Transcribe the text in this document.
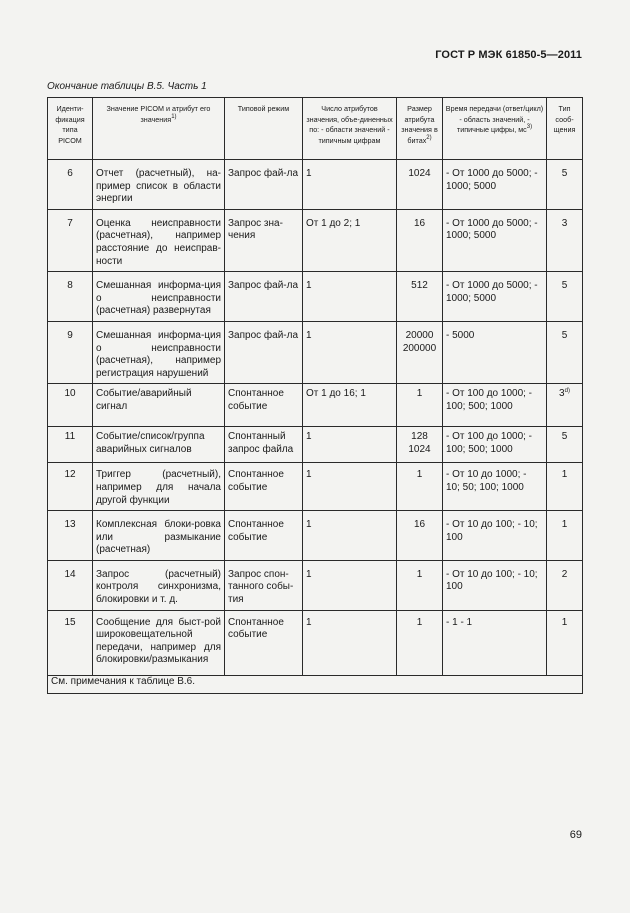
ГОСТ Р МЭК 61850-5—2011
Окончание таблицы В.5. Часть 1
Иденти-фикация типа PICOM	Значение PICOM и атрибут его значения$^{1)}$	Типовой режим	Число атрибутов значения, объе-диненных по: - области значений - типичным цифрам	Размер атрибута значения в битах$^{2)}$	Время передачи (ответ/цикл) - область значений, - типичные цифры, $мс^{3)}$	Тип сооб-щения
6	Отчет (расчетный), на-пример список в области энергии	Запрос фай-ла	1	1024	- От 1000 до 5000; - 1000; 5000	5
7	Оценка неисправности (расчетная), например расстояние до неисправ-ности	Запрос зна-чения	От 1 до 2; 1	16	- От 1000 до 5000; - 1000; 5000	3
8	Смешанная информа-ция о неисправности (расчетная) развернутая	Запрос фай-ла	1	512	- От 1000 до 5000; - 1000; 5000	5
9	Смешанная информа-ция о неисправности (расчетная), например регистрация нарушений	Запрос фай-ла	1	20000 200000	- 5000	5
10	Событие/аварийный сигнал	Спонтанное событие	От 1 до 16; 1	1	- От 100 до 1000; - 100; 500; 1000	3$^{d)}$
11	Событие/список/группа аварийных сигналов	Спонтанный запрос файла	1	128 1024	- От 100 до 1000; - 100; 500; 1000	5
12	Триггер (расчетный), например для начала другой функции	Спонтанное событие	1	1	- От 10 до 1000; - 10; 50; 100; 1000	1
13	Комплексная блоки-ровка или размыкание (расчетная)	Спонтанное событие	1	16	- От 10 до 100; - 10; 100	1
14	Запрос (расчетный) контроля синхронизма, блокировки и т. д.	Запрос спон-танного собы-тия	1	1	- От 10 до 100; - 10; 100	2
15	Сообщение для быст-рой широковещательной передачи, например для блокировки/размыкания	Спонтанное событие	1	1	- 1 - 1	1
См. примечания к таблице В.6.						
69
